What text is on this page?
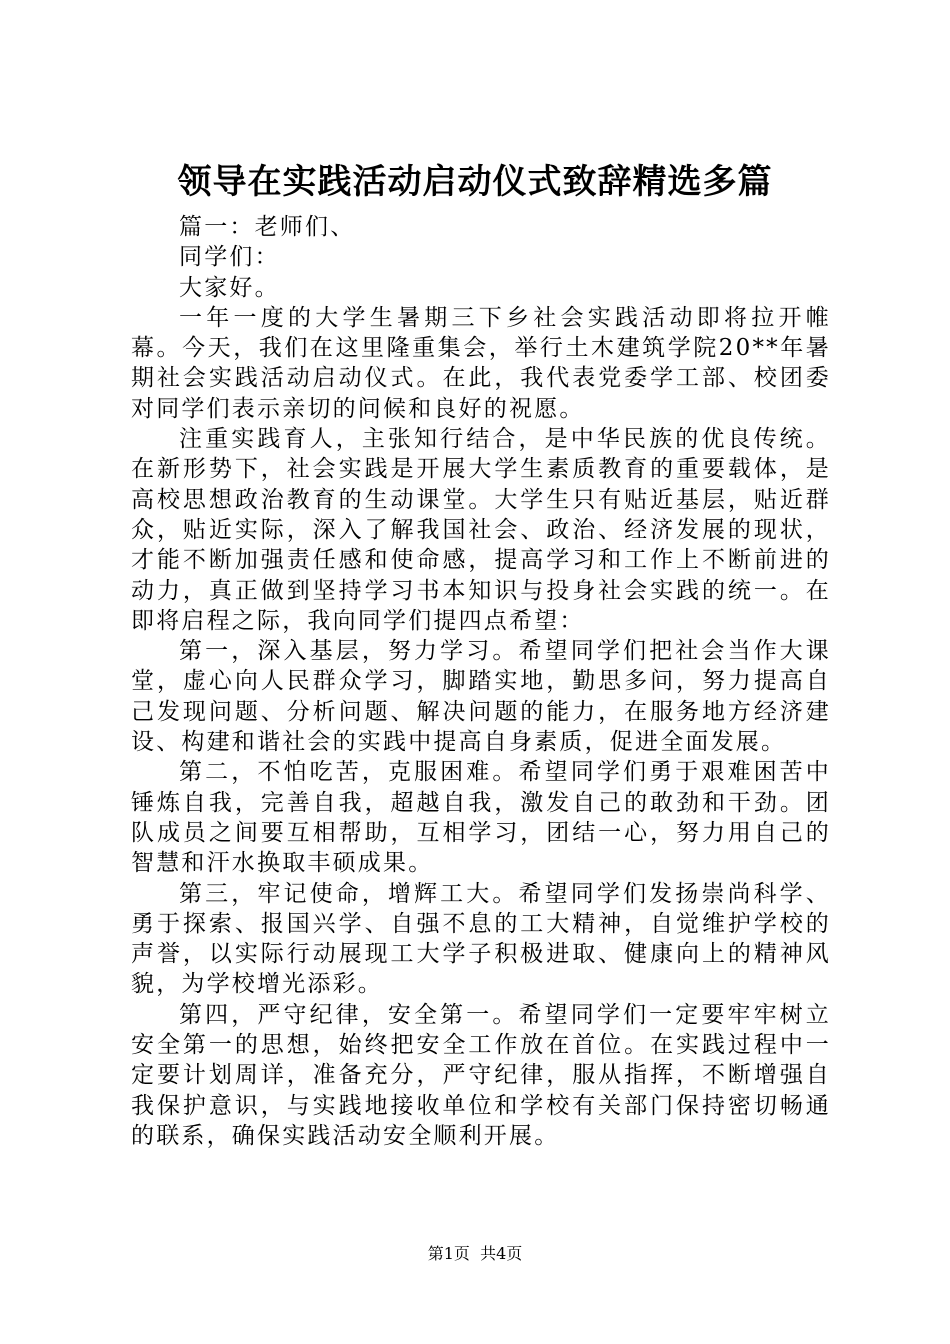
领导在实践活动启动仪式致辞精选多篇

篇一：老师们、

同学们：

大家好。

一年一度的大学生暑期三下乡社会实践活动即将拉开帷幕。今天，我们在这里隆重集会，举行土木建筑学院20**年暑期社会实践活动启动仪式。在此，我代表党委学工部、校团委对同学们表示亲切的问候和良好的祝愿。

注重实践育人，主张知行结合，是中华民族的优良传统。在新形势下，社会实践是开展大学生素质教育的重要载体，是高校思想政治教育的生动课堂。大学生只有贴近基层，贴近群众，贴近实际，深入了解我国社会、政治、经济发展的现状，才能不断加强责任感和使命感，提高学习和工作上不断前进的动力，真正做到坚持学习书本知识与投身社会实践的统一。在即将启程之际，我向同学们提四点希望：

第一，深入基层，努力学习。希望同学们把社会当作大课堂，虚心向人民群众学习，脚踏实地，勤思多问，努力提高自己发现问题、分析问题、解决问题的能力，在服务地方经济建设、构建和谐社会的实践中提高自身素质，促进全面发展。

第二，不怕吃苦，克服困难。希望同学们勇于艰难困苦中锤炼自我，完善自我，超越自我，激发自己的敢劲和干劲。团队成员之间要互相帮助，互相学习，团结一心，努力用自己的智慧和汗水换取丰硕成果。

第三，牢记使命，增辉工大。希望同学们发扬崇尚科学、勇于探索、报国兴学、自强不息的工大精神，自觉维护学校的声誉，以实际行动展现工大学子积极进取、健康向上的精神风貌，为学校增光添彩。

第四，严守纪律，安全第一。希望同学们一定要牢牢树立安全第一的思想，始终把安全工作放在首位。在实践过程中一定要计划周详，准备充分，严守纪律，服从指挥，不断增强自我保护意识，与实践地接收单位和学校有关部门保持密切畅通的联系，确保实践活动安全顺利开展。

第1页 共4页
